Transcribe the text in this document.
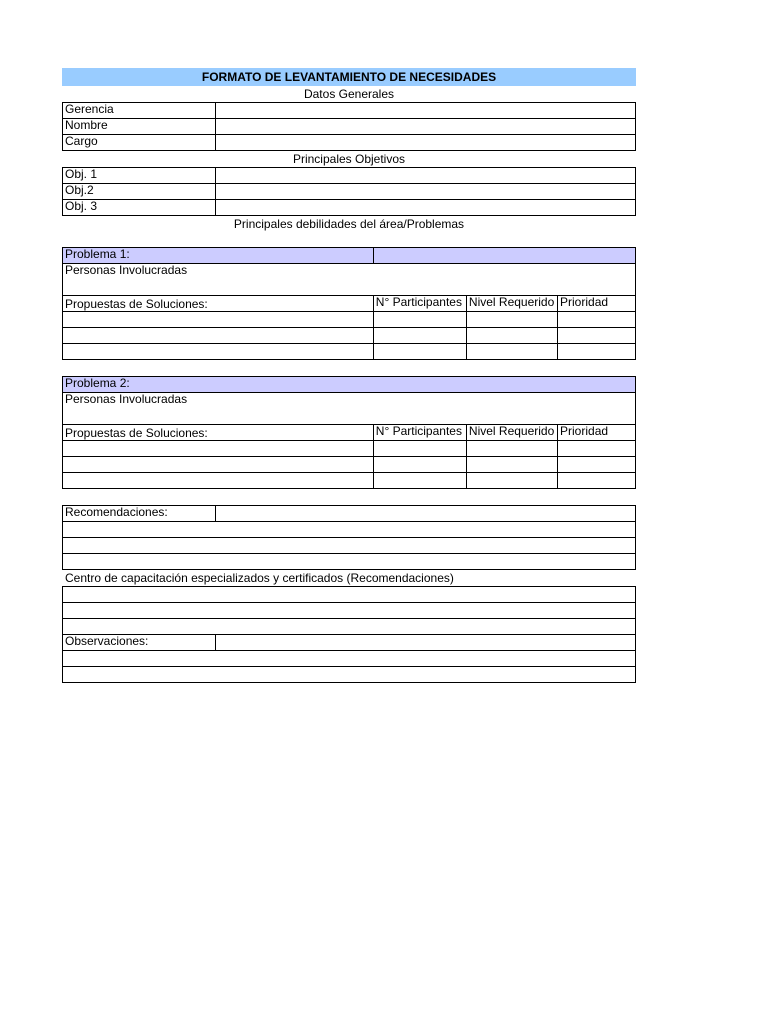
FORMATO DE LEVANTAMIENTO DE NECESIDADES
Datos Generales
Gerencia	
Nombre	
Cargo	
Principales Objetivos
Obj. 1	
Obj.2	
Obj. 3	
Principales debilidades del área/Problemas
Problema 1:			
Personas Involucradas			
Propuestas de Soluciones:	N° Participantes	Nivel Requerido	Prioridad

Problema 2:			
Personas Involucradas			
Propuestas de Soluciones:	N° Participantes	Nivel Requerido	Prioridad

Recomendaciones:	

Centro de capacitación especializados y certificados (Recomendaciones)

Observaciones:	
